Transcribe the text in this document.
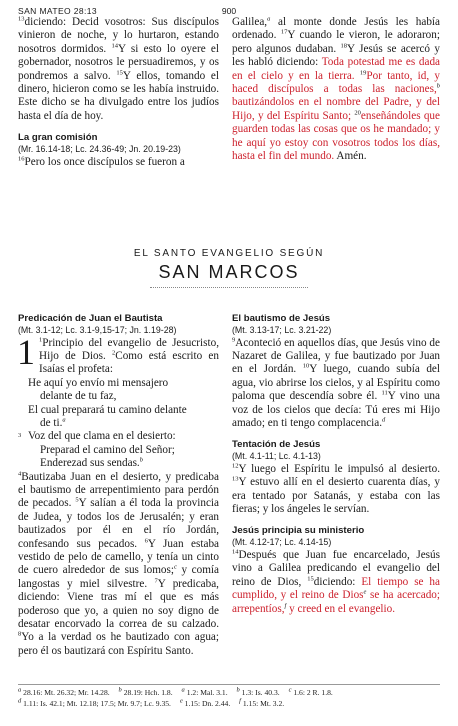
SAN MATEO 28:13	900

$^{13}$diciendo: Decid vosotros: Sus discípulos vinieron de noche, y lo hurtaron, estando nosotros dormidos. $^{14}$Y si esto lo oyere el gobernador, nosotros le persuadiremos, y os pondremos a salvo. $^{15}$Y ellos, tomando el dinero, hicieron como se les había instruido. Este dicho se ha divulgado entre los judíos hasta el día de hoy.

La gran comisión
(Mr. 16.14-18; Lc. 24.36-49; Jn. 20.19-23)

$^{16}$Pero los once discípulos se fueron a

Galilea,$^a$ al monte donde Jesús les había ordenado. $^{17}$Y cuando le vieron, le adoraron; pero algunos dudaban. $^{18}$Y Jesús se acercó y les habló diciendo: Toda potestad me es dada en el cielo y en la tierra. $^{19}$Por tanto, id, y haced discípulos a todas las naciones,$^b$ bautizándolos en el nombre del Padre, y del Hijo, y del Espíritu Santo; $^{20}$enseñándoles que guarden todas las cosas que os he mandado; y he aquí yo estoy con vosotros todos los días, hasta el fin del mundo. Amén.

EL SANTO EVANGELIO SEGÚN
SAN MARCOS
Predicación de Juan el Bautista
(Mt. 3.1-12; Lc. 3.1-9,15-17; Jn. 1.19-28)

1 $^1$Principio del evangelio de Jesucristo, Hijo de Dios. $^2$Como está escrito en Isaías el profeta:

He aquí yo envío mi mensajero
delante de tu faz,
El cual preparará tu camino delante
de ti.$^a$
3 Voz del que clama en el desierto:
Preparad el camino del Señor;
Enderezad sus sendas.$^b$

$^4$Bautizaba Juan en el desierto, y predicaba el bautismo de arrepentimiento para perdón de pecados. $^5$Y salían a él toda la provincia de Judea, y todos los de Jerusalén; y eran bautizados por él en el río Jordán, confesando sus pecados. $^6$Y Juan estaba vestido de pelo de camello, y tenía un cinto de cuero alrededor de sus lomos;$^c$ y comía langostas y miel silvestre. $^7$Y predicaba, diciendo: Viene tras mí el que es más poderoso que yo, a quien no soy digno de desatar encorvado la correa de su calzado. $^8$Yo a la verdad os he bautizado con agua; pero él os bautizará con Espíritu Santo.

El bautismo de Jesús
(Mt. 3.13-17; Lc. 3.21-22)

$^9$Aconteció en aquellos días, que Jesús vino de Nazaret de Galilea, y fue bautizado por Juan en el Jordán. $^{10}$Y luego, cuando subía del agua, vio abrirse los cielos, y al Espíritu como paloma que descendía sobre él. $^{11}$Y vino una voz de los cielos que decía: Tú eres mi Hijo amado; en ti tengo complacencia.$^d$

Tentación de Jesús
(Mt. 4.1-11; Lc. 4.1-13)

$^{12}$Y luego el Espíritu le impulsó al desierto. $^{13}$Y estuvo allí en el desierto cuarenta días, y era tentado por Satanás, y estaba con las fieras; y los ángeles le servían.

Jesús principia su ministerio
(Mt. 4.12-17; Lc. 4.14-15)

$^{14}$Después que Juan fue encarcelado, Jesús vino a Galilea predicando el evangelio del reino de Dios, $^{15}$diciendo: El tiempo se ha cumplido, y el reino de Dios$^e$ se ha acercado; arrepentíos,$^f$ y creed en el evangelio.

$^a$ 28.16: Mt. 26.32; Mr. 14.28. $^b$ 28.19: Hch. 1.8. $^a$ 1.2: Mal. 3.1. $^b$ 1.3: Is. 40.3. $^c$ 1.6: 2 R. 1.8. $^d$ 1.11: Is. 42.1; Mt. 12.18; 17.5; Mr. 9.7; Lc. 9.35. $^e$ 1.15: Dn. 2.44. $^f$ 1.15: Mt. 3.2.
